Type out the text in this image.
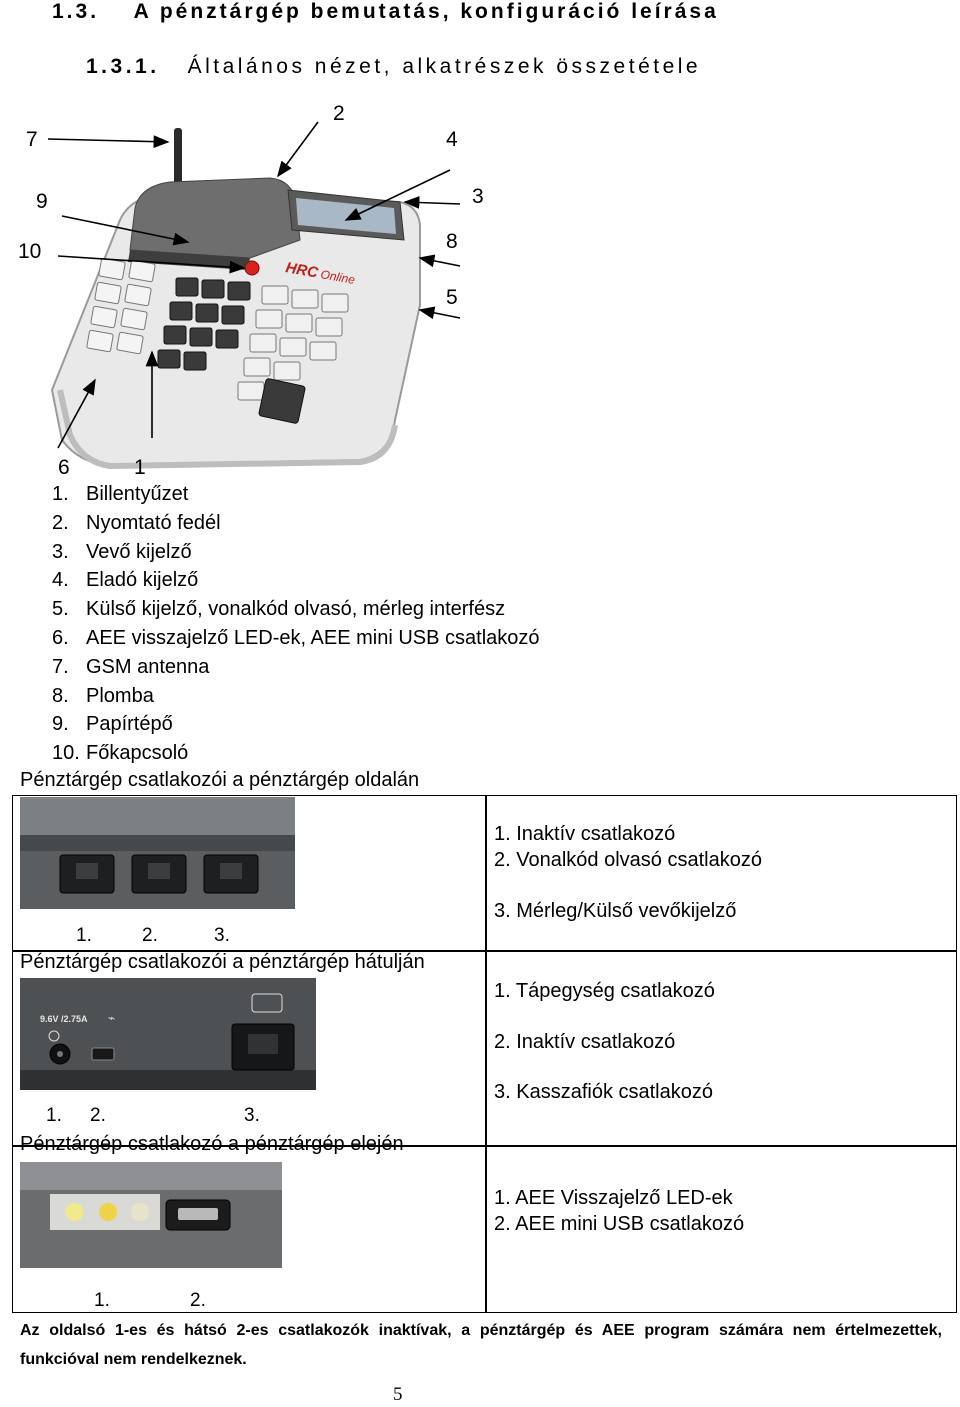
1.3. A pénztárgép bemutatás, konfiguráció leírása
1.3.1. Általános nézet, alkatrészek összetétele
HRC Online
7
2
4
9	3
10	8
5
6	1
1. Billentyűzet
2. Nyomtató fedél
3. Vevő kijelző
4. Eladó kijelző
5. Külső kijelző, vonalkód olvasó, mérleg interfész
6. AEE visszajelző LED-ek, AEE mini USB csatlakozó
7. GSM antenna
8. Plomba
9. Papírtépő
10. Főkapcsoló
Pénztárgép csatlakozói a pénztárgép oldalán
1.	2.	3.
1. Inaktív csatlakozó
2. Vonalkód olvasó csatlakozó
3. Mérleg/Külső vevőkijelző
Pénztárgép csatlakozói a pénztárgép hátulján
9.6V /2.75A ⌁
1. 2.	3.
1. Tápegység csatlakozó
2. Inaktív csatlakozó
3. Kasszafiók csatlakozó
Pénztárgép csatlakozó a pénztárgép elején
1.	2.
1. AEE Visszajelző LED-ek
2. AEE mini USB csatlakozó
Az oldalsó 1-es és hátsó 2-es csatlakozók inaktívak, a pénztárgép és AEE program számára nem értelmezettek, funkcióval nem rendelkeznek.
5
